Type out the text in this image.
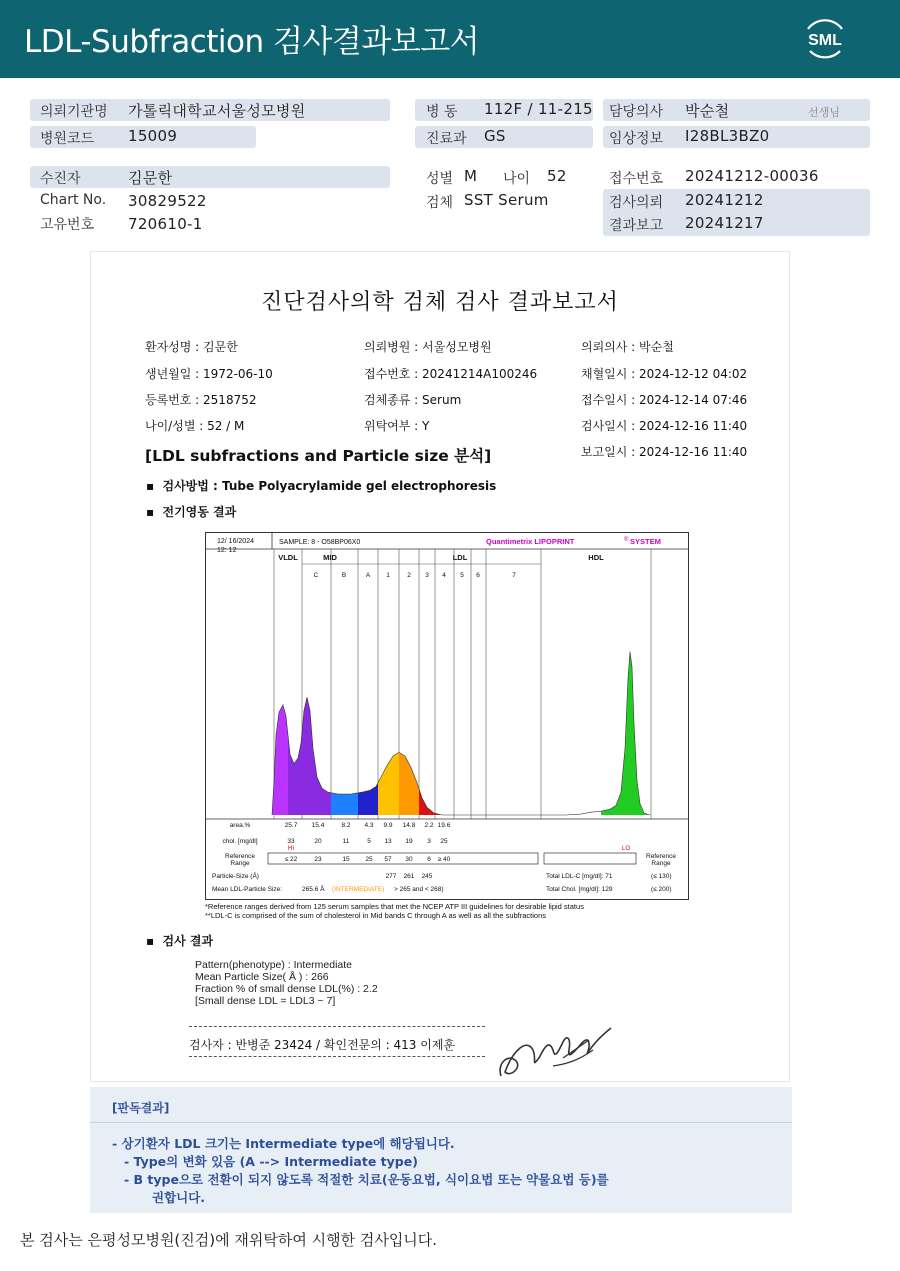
LDL-Subfraction 검사결과보고서	SML
의뢰기관명 가톨릭대학교서울성모병원
병원코드 15009
병 동 112F / 11-215
진료과 GS
담당의사 박순철	선생님
임상정보 I28BL3BZ0
수진자	김문한
Chart No. 30829522
고유번호 720610-1
성별 M 나이 52
검체 SST Serum
접수번호 20241212-00036
검사의뢰 20241212
결과보고 20241217
진단검사의학 검체 검사 결과보고서
환자성명 : 김문한	의뢰병원 : 서울성모병원	의뢰의사 : 박순철
생년월일 : 1972-06-10	접수번호 : 20241214A100246	채혈일시 : 2024-12-12 04:02
등록번호 : 2518752	검체종류 : Serum	접수일시 : 2024-12-14 07:46
나이/성별 : 52 / M	위탁여부 : Y	검사일시 : 2024-12-16 11:40
[LDL subfractions and Particle size 분석]	보고일시 : 2024-12-16 11:40
▪  검사방법 : Tube Polyacrylamide gel electrophoresis
▪  전기영동 결과
12/ 16/2024
12: 12
SAMPLE: 8 - O58BP06X0	Quantimetrix LIPOPRINT	® SYSTEM
VLDL	MID	LDL	HDL
C	B	A 1	2 3 4 5 6	7
area.%	25.7 15.4	8.2 4.3 9.9 14.8 2.2 19.6
chol. [mg/dl]	33	20	11	5 13 19 3 25
HI	LO
Reference
Range
Reference
Range
≤ 22	23	15 25 57 30 6 ≥ 40
Particle-Size (Å)	277 261 245	Total LDL-C [mg/dl]: 71	(≤ 130)
Mean LDL-Particle Size:	265.6 Å (INTERMEDIATE) > 265 and < 268)	Total Chol. [mg/dl]: 129	(≤ 200)
*Reference ranges derived from 125 serum samples that met the NCEP ATP III guidelines for desirable lipid status
**LDL-C is comprised of the sum of cholesterol in Mid bands C through A as well as all the subfractions
▪  검사 결과
Pattern(phenotype) : Intermediate
Mean Particle Size( Å ) : 266
Fraction % of small dense LDL(%) : 2.2
[Small dense LDL = LDL3 ~ 7]
검사자 : 반병준 23424 / 확인전문의 : 413 이제훈
[판독결과]
- 상기환자 LDL 크기는 Intermediate type에 해당됩니다.
- Type의 변화 있음 (A --> Intermediate type)
- B type으로 전환이 되지 않도록 적절한 치료(운동요법, 식이요법 또는 약물요법 등)를
권합니다.
본 검사는 은평성모병원(진검)에 재위탁하여 시행한 검사입니다.
